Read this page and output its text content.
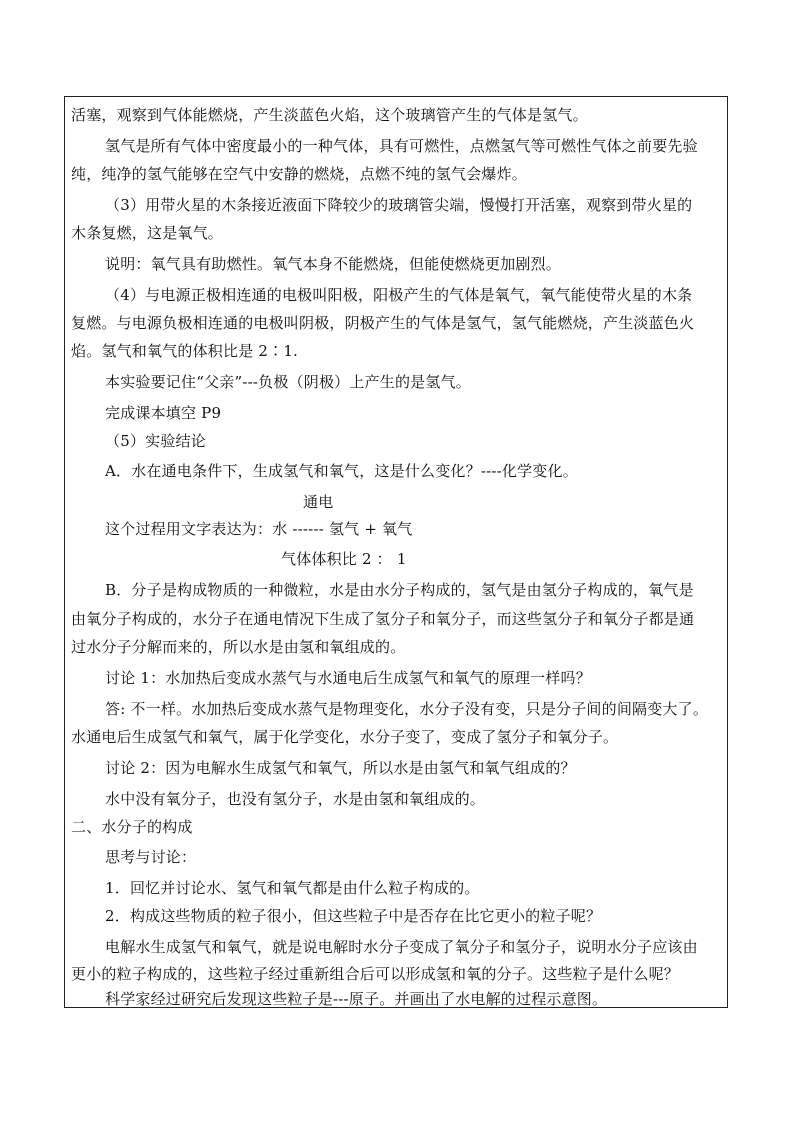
活塞，观察到气体能燃烧，产生淡蓝色火焰，这个玻璃管产生的气体是氢气。
氢气是所有气体中密度最小的一种气体，具有可燃性，点燃氢气等可燃性气体之前要先验
纯，纯净的氢气能够在空气中安静的燃烧，点燃不纯的氢气会爆炸。
（3）用带火星的木条接近液面下降较少的玻璃管尖端，慢慢打开活塞，观察到带火星的
木条复燃，这是氧气。
说明：氧气具有助燃性。氧气本身不能燃烧，但能使燃烧更加剧烈。
（4）与电源正极相连通的电极叫阳极，阳极产生的气体是氧气，氧气能使带火星的木条
复燃。与电源负极相连通的电极叫阴极，阴极产生的气体是氢气，氢气能燃烧，产生淡蓝色火
焰。氢气和氧气的体积比是 2∶1.
本实验要记住“父亲”---负极（阴极）上产生的是氢气。
完成课本填空 P9
（5）实验结论
A．水在通电条件下，生成氢气和氧气，这是什么变化？----化学变化。
通电
这个过程用文字表达为：水 ------ 氢气 + 氧气
气体体积比 2 ： 1
B．分子是构成物质的一种微粒，水是由水分子构成的，氢气是由氢分子构成的，氧气是
由氧分子构成的，水分子在通电情况下生成了氢分子和氧分子，而这些氢分子和氧分子都是通
过水分子分解而来的，所以水是由氢和氧组成的。
讨论 1：水加热后变成水蒸气与水通电后生成氢气和氧气的原理一样吗？
答: 不一样。水加热后变成水蒸气是物理变化，水分子没有变，只是分子间的间隔变大了。
水通电后生成氢气和氧气，属于化学变化，水分子变了，变成了氢分子和氧分子。
讨论 2：因为电解水生成氢气和氧气，所以水是由氢气和氧气组成的？
水中没有氧分子，也没有氢分子，水是由氢和氧组成的。
二、水分子的构成
思考与讨论：
1．回忆并讨论水、氢气和氧气都是由什么粒子构成的。
2．构成这些物质的粒子很小，但这些粒子中是否存在比它更小的粒子呢？
电解水生成氢气和氧气，就是说电解时水分子变成了氧分子和氢分子，说明水分子应该由
更小的粒子构成的，这些粒子经过重新组合后可以形成氢和氧的分子。这些粒子是什么呢？
科学家经过研究后发现这些粒子是---原子。并画出了水电解的过程示意图。
